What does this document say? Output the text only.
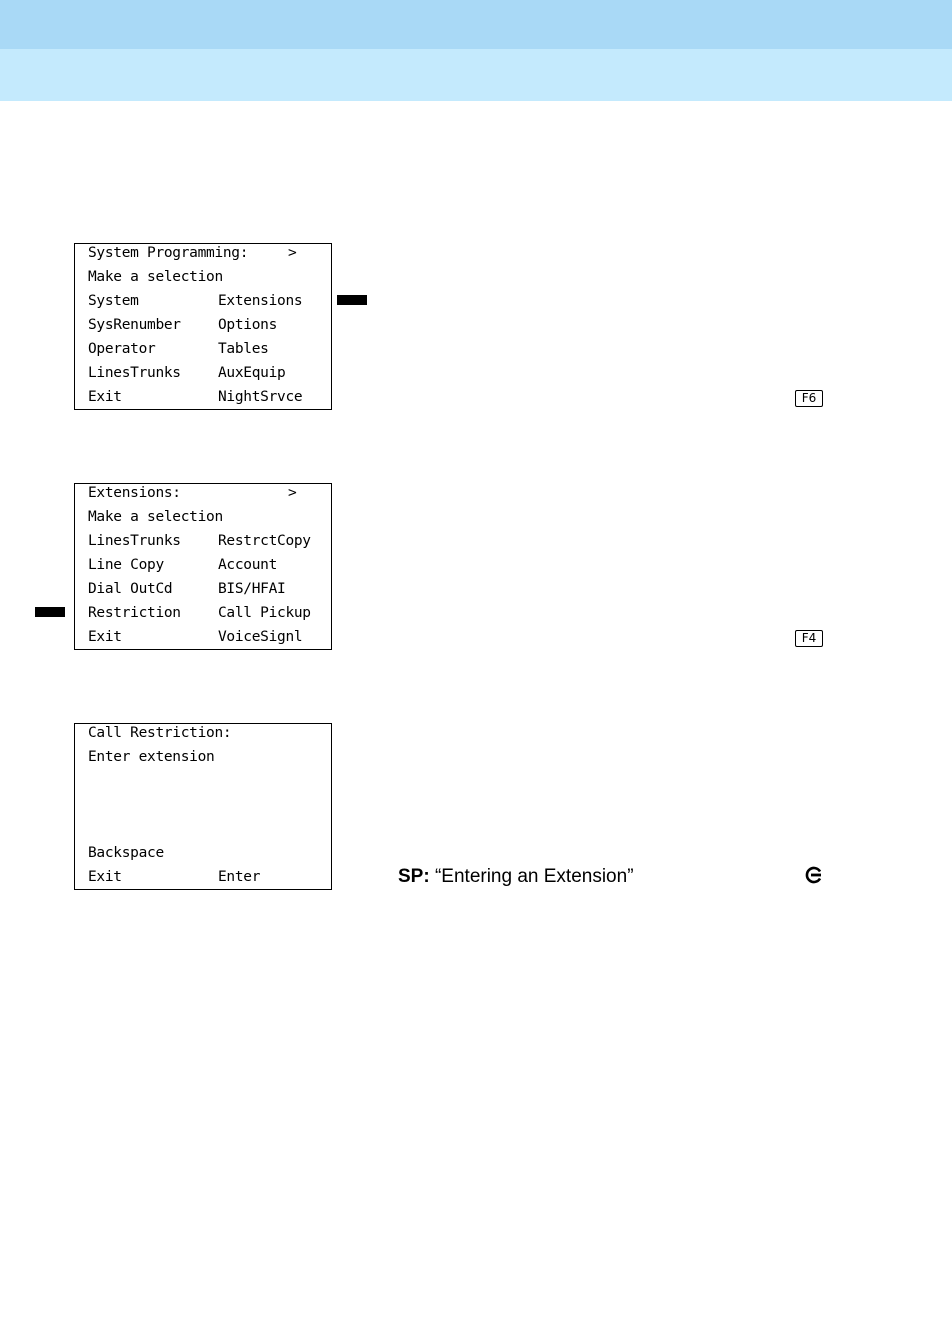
System Programming:	>
Make a selection
System	Extensions
SysRenumber	Options
Operator	Tables
LinesTrunks	AuxEquip
Exit	NightSrvce	F6
Extensions:	>
Make a selection
LinesTrunks	RestrctCopy
Line Copy	Account
Dial OutCd	BIS/HFAI
Restriction	Call Pickup
Exit	VoiceSignl	F4
Call Restriction:
Enter extension
Backspace
Exit	Enter	SP: “Entering an Extension”
